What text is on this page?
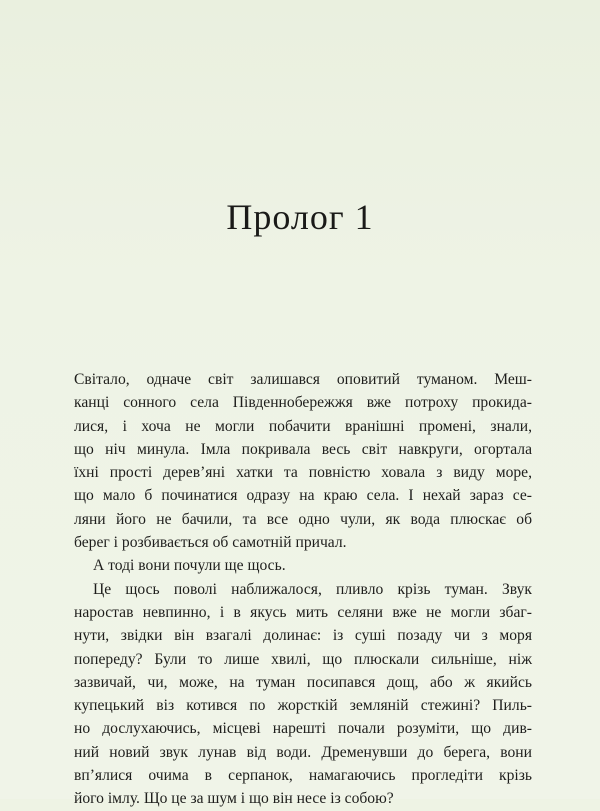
Пролог 1
Світало, одначе світ залишався оповитий туманом. Меш-
канці сонного села Південнобережжя вже потроху прокида-
лися, і хоча не могли побачити вранішні промені, знали,
що ніч минула. Імла покривала весь світ навкруги, огортала
їхні прості дерев’яні хатки та повністю ховала з виду море,
що мало б починатися одразу на краю села. І нехай зараз се-
ляни його не бачили, та все одно чули, як вода плюскає об
берег і розбивається об самотній причал.
А тоді вони почули ще щось.
Це щось поволі наближалося, пливло крізь туман. Звук
наростав невпинно, і в якусь мить селяни вже не могли збаг-
нути, звідки він взагалі долинає: із суші позаду чи з моря
попереду? Були то лише хвилі, що плюскали сильніше, ніж
зазвичай, чи, може, на туман посипався дощ, або ж якийсь
купецький віз котився по жорсткій земляній стежині? Пиль-
но дослухаючись, місцеві нарешті почали розуміти, що див-
ний новий звук лунав від води. Дременувши до берега, вони
вп’ялися очима в серпанок, намагаючись прогледіти крізь
його імлу. Що це за шум і що він несе із собою?
